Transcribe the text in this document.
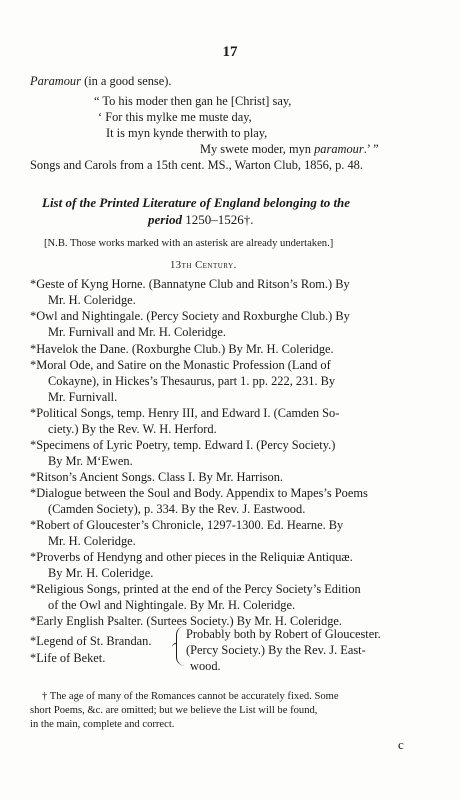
17
Paramour (in a good sense).
“ To his moder then gan he [Christ] say,
‘ For this mylke me muste day,
It is myn kynde therwith to play,
My swete moder, myn paramour.’ ”
Songs and Carols from a 15th cent. MS., Warton Club, 1856, p. 48.
List of the Printed Literature of England belonging to the
period 1250–1526†.
[N.B. Those works marked with an asterisk are already undertaken.]
13th Century.
*Geste of Kyng Horne. (Bannatyne Club and Ritson’s Rom.) By
Mr. H. Coleridge.
*Owl and Nightingale. (Percy Society and Roxburghe Club.) By
Mr. Furnivall and Mr. H. Coleridge.
*Havelok the Dane. (Roxburghe Club.) By Mr. H. Coleridge.
*Moral Ode, and Satire on the Monastic Profession (Land of
Cokayne), in Hickes’s Thesaurus, part 1. pp. 222, 231. By
Mr. Furnivall.
*Political Songs, temp. Henry III, and Edward I. (Camden So-
ciety.) By the Rev. W. H. Herford.
*Specimens of Lyric Poetry, temp. Edward I. (Percy Society.)
By Mr. M‘Ewen.
*Ritson’s Ancient Songs. Class I. By Mr. Harrison.
*Dialogue between the Soul and Body. Appendix to Mapes’s Poems
(Camden Society), p. 334. By the Rev. J. Eastwood.
*Robert of Gloucester’s Chronicle, 1297-1300. Ed. Hearne. By
Mr. H. Coleridge.
*Proverbs of Hendyng and other pieces in the Reliquiæ Antiquæ.
By Mr. H. Coleridge.
*Religious Songs, printed at the end of the Percy Society’s Edition
of the Owl and Nightingale. By Mr. H. Coleridge.
*Early English Psalter. (Surtees Society.) By Mr. H. Coleridge.
*Legend of St. Brandan.
*Life of Beket.
Probably both by Robert of Gloucester.
(Percy Society.) By the Rev. J. East-
wood.
† The age of many of the Romances cannot be accurately fixed. Some
short Poems, &c. are omitted; but we believe the List will be found,
in the main, complete and correct.
c
